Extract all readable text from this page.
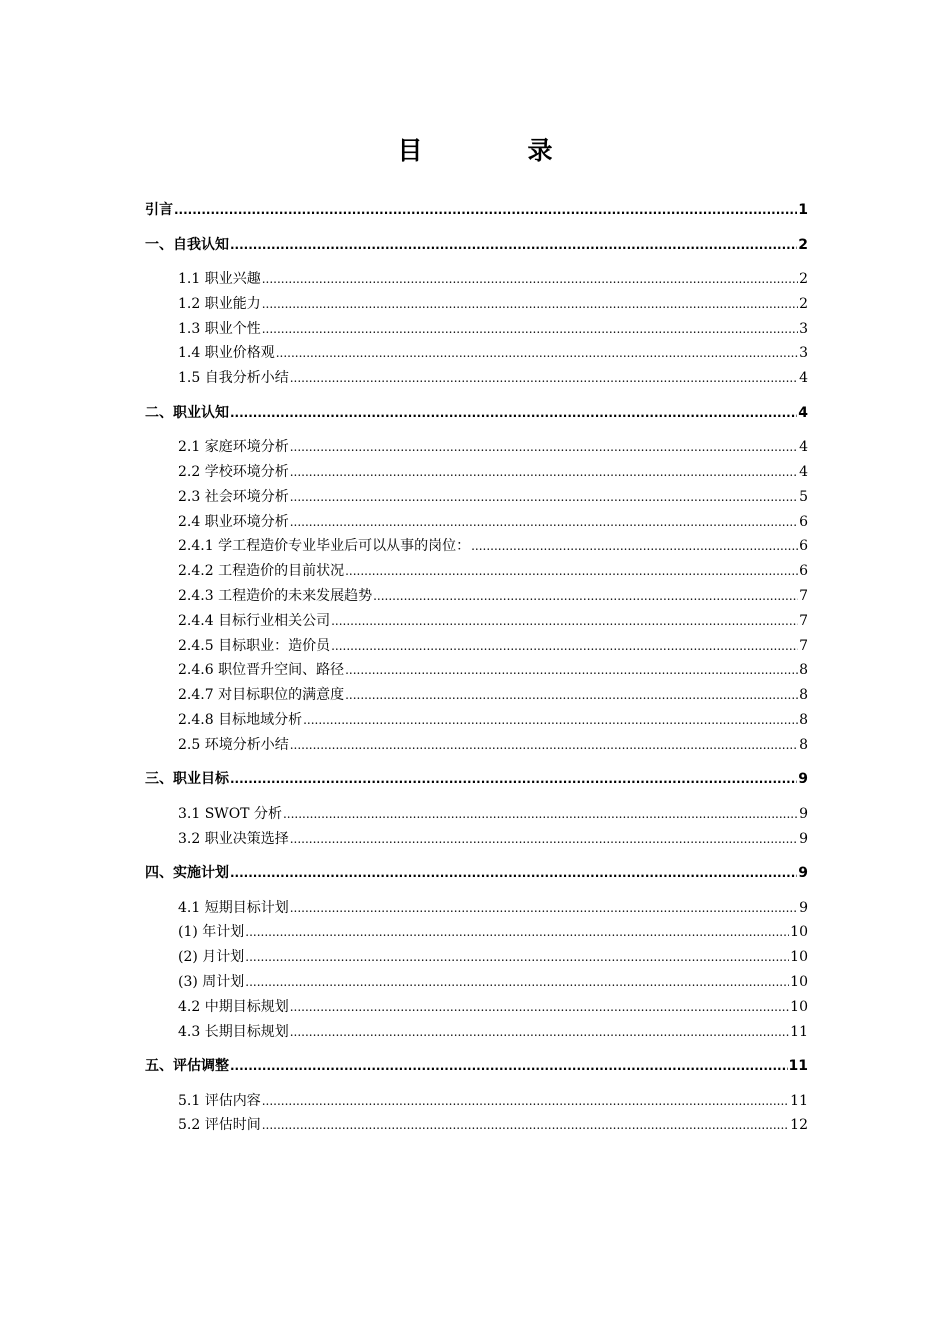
目　录
引言 .....	1
一、自我认知 .....	2
1.1 职业兴趣 .....	2
1.2 职业能力 .....	2
1.3 职业个性 .....	3
1.4 职业价格观 .....	3
1.5 自我分析小结 .....	4
二、职业认知 .....	4
2.1 家庭环境分析 .....	4
2.2 学校环境分析 .....	4
2.3 社会环境分析 .....	5
2.4 职业环境分析 .....	6
2.4.1 学工程造价专业毕业后可以从事的岗位： .....	6
2.4.2 工程造价的目前状况 .....	6
2.4.3 工程造价的未来发展趋势 .....	7
2.4.4 目标行业相关公司 .....	7
2.4.5 目标职业：造价员 .....	7
2.4.6 职位晋升空间、路径 .....	8
2.4.7 对目标职位的满意度 .....	8
2.4.8 目标地域分析 .....	8
2.5 环境分析小结 .....	8
三、职业目标 .....	9
3.1 SWOT 分析 .....	9
3.2 职业决策选择 .....	9
四、实施计划 .....	9
4.1 短期目标计划 .....	9
(1) 年计划 .....	10
(2) 月计划 .....	10
(3) 周计划 .....	10
4.2 中期目标规划 .....	10
4.3 长期目标规划 .....	11
五、评估调整 .....	11
5.1 评估内容 .....	11
5.2 评估时间 .....	12
